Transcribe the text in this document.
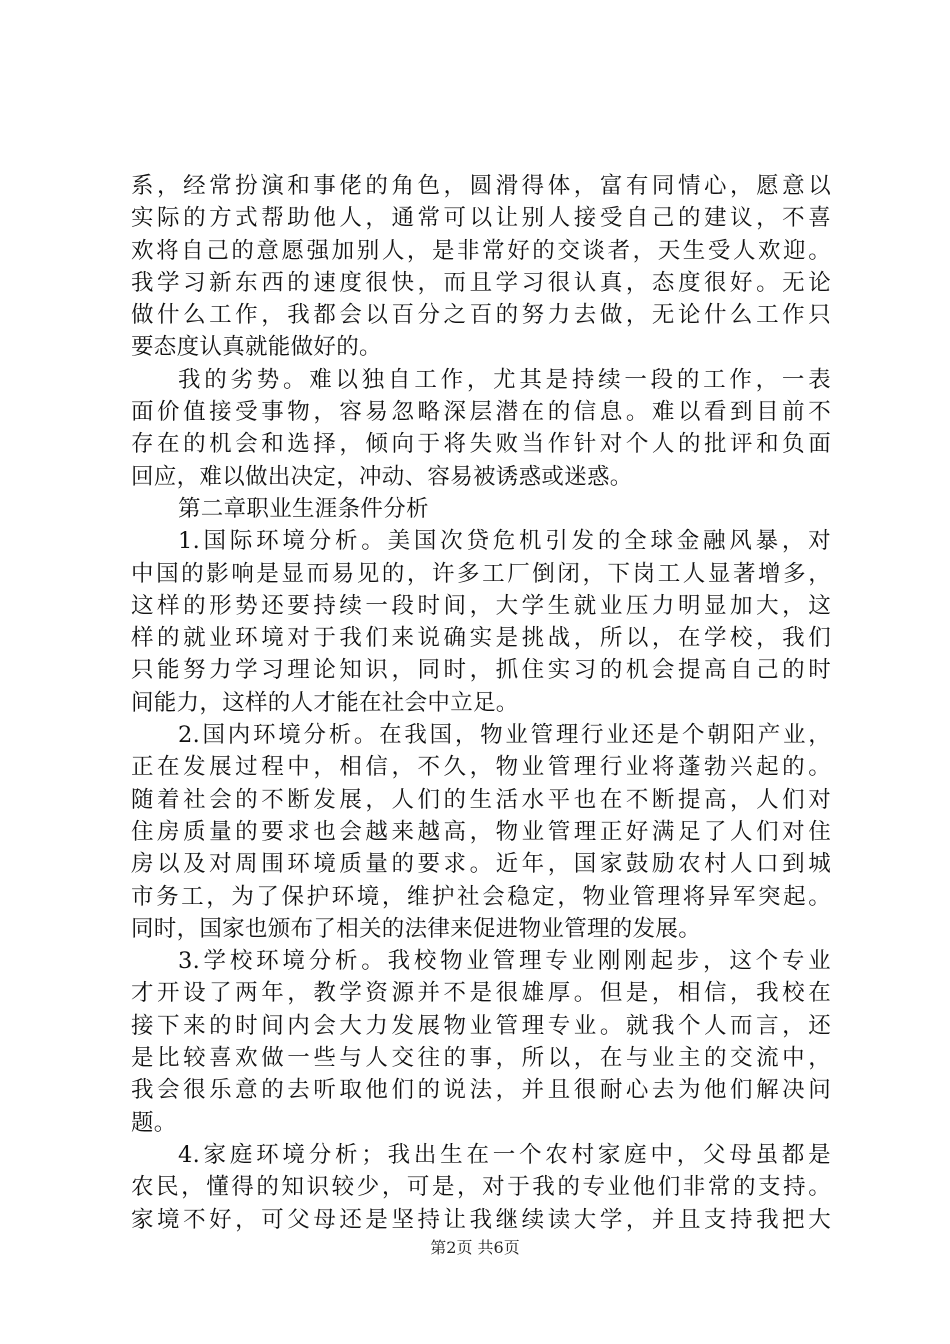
系，经常扮演和事佬的角色，圆滑得体，富有同情心，愿意以
实际的方式帮助他人，通常可以让别人接受自己的建议，不喜
欢将自己的意愿强加别人，是非常好的交谈者，天生受人欢迎。
我学习新东西的速度很快，而且学习很认真，态度很好。无论
做什么工作，我都会以百分之百的努力去做，无论什么工作只
要态度认真就能做好的。
我的劣势。难以独自工作，尤其是持续一段的工作，一表
面价值接受事物，容易忽略深层潜在的信息。难以看到目前不
存在的机会和选择，倾向于将失败当作针对个人的批评和负面
回应，难以做出决定，冲动、容易被诱惑或迷惑。
第二章职业生涯条件分析
1.国际环境分析。美国次贷危机引发的全球金融风暴，对
中国的影响是显而易见的，许多工厂倒闭，下岗工人显著增多，
这样的形势还要持续一段时间，大学生就业压力明显加大，这
样的就业环境对于我们来说确实是挑战，所以，在学校，我们
只能努力学习理论知识，同时，抓住实习的机会提高自己的时
间能力，这样的人才能在社会中立足。
2.国内环境分析。在我国，物业管理行业还是个朝阳产业，
正在发展过程中，相信，不久，物业管理行业将蓬勃兴起的。
随着社会的不断发展，人们的生活水平也在不断提高，人们对
住房质量的要求也会越来越高，物业管理正好满足了人们对住
房以及对周围环境质量的要求。近年，国家鼓励农村人口到城
市务工，为了保护环境，维护社会稳定，物业管理将异军突起。
同时，国家也颁布了相关的法律来促进物业管理的发展。
3.学校环境分析。我校物业管理专业刚刚起步，这个专业
才开设了两年，教学资源并不是很雄厚。但是，相信，我校在
接下来的时间内会大力发展物业管理专业。就我个人而言，还
是比较喜欢做一些与人交往的事，所以，在与业主的交流中，
我会很乐意的去听取他们的说法，并且很耐心去为他们解决问
题。
4.家庭环境分析；我出生在一个农村家庭中，父母虽都是
农民，懂得的知识较少，可是，对于我的专业他们非常的支持。
家境不好，可父母还是坚持让我继续读大学，并且支持我把大
第2页 共6页
